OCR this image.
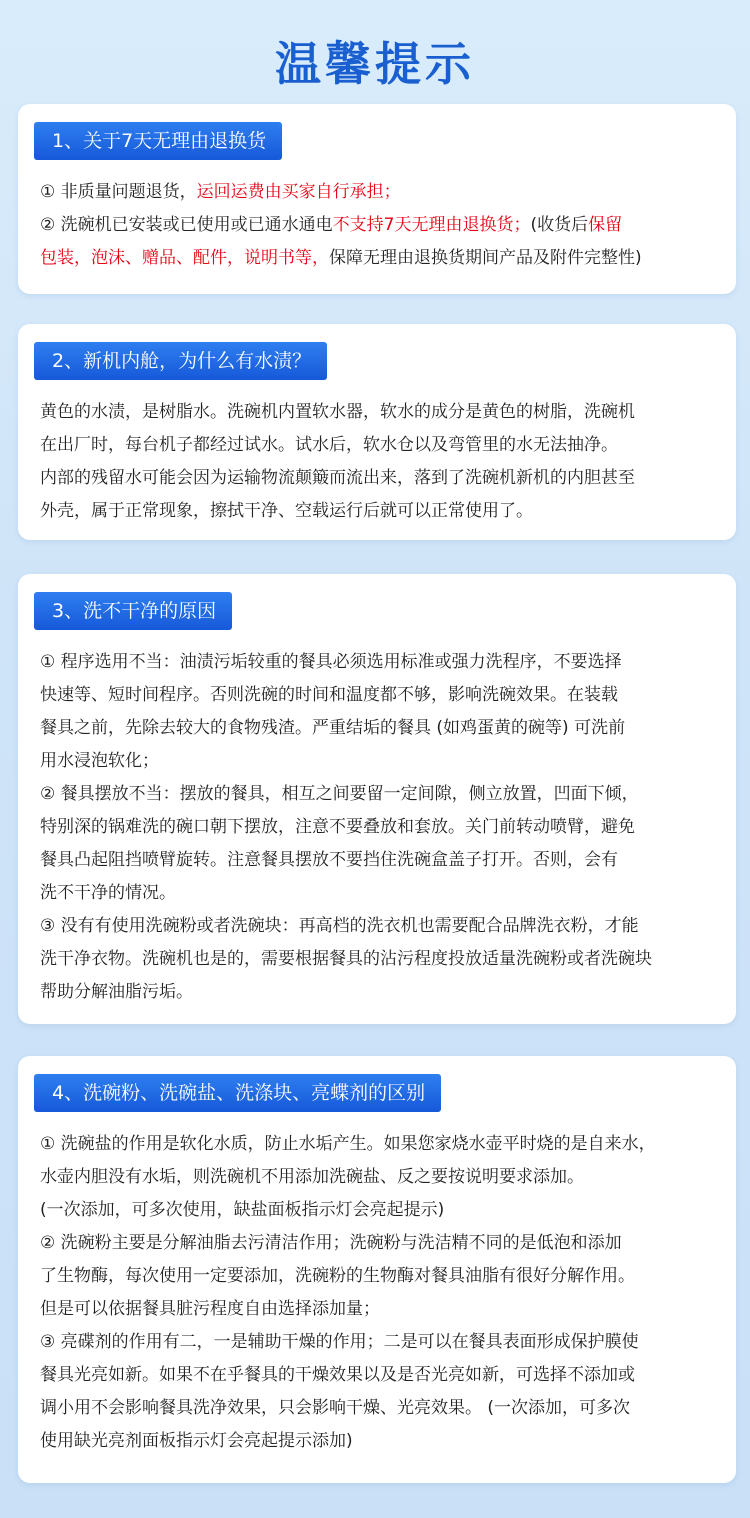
温馨提示
1、关于7天无理由退换货
① 非质量问题退货，运回运费由买家自行承担；
② 洗碗机已安装或已使用或已通水通电不支持7天无理由退换货；(收货后保留
包装，泡沫、赠品、配件，说明书等，保障无理由退换货期间产品及附件完整性)
2、新机内舱，为什么有水渍？
黄色的水渍，是树脂水。洗碗机内置软水器，软水的成分是黄色的树脂，洗碗机
在出厂时，每台机子都经过试水。试水后，软水仓以及弯管里的水无法抽净。
内部的残留水可能会因为运输物流颠簸而流出来，落到了洗碗机新机的内胆甚至
外壳，属于正常现象，擦拭干净、空载运行后就可以正常使用了。
3、洗不干净的原因
① 程序选用不当：油渍污垢较重的餐具必须选用标准或强力洗程序，不要选择
快速等、短时间程序。否则洗碗的时间和温度都不够，影响洗碗效果。在装载
餐具之前，先除去较大的食物残渣。严重结垢的餐具 (如鸡蛋黄的碗等) 可洗前
用水浸泡软化；
② 餐具摆放不当：摆放的餐具，相互之间要留一定间隙，侧立放置，凹面下倾，
特别深的锅难洗的碗口朝下摆放，注意不要叠放和套放。关门前转动喷臂，避免
餐具凸起阻挡喷臂旋转。注意餐具摆放不要挡住洗碗盒盖子打开。否则，会有
洗不干净的情况。
③ 没有有使用洗碗粉或者洗碗块：再高档的洗衣机也需要配合品牌洗衣粉，才能
洗干净衣物。洗碗机也是的，需要根据餐具的沾污程度投放适量洗碗粉或者洗碗块
帮助分解油脂污垢。
4、洗碗粉、洗碗盐、洗涤块、亮蝶剂的区别
① 洗碗盐的作用是软化水质，防止水垢产生。如果您家烧水壶平时烧的是自来水，
水壶内胆没有水垢，则洗碗机不用添加洗碗盐、反之要按说明要求添加。
(一次添加，可多次使用，缺盐面板指示灯会亮起提示)
② 洗碗粉主要是分解油脂去污清洁作用；洗碗粉与洗洁精不同的是低泡和添加
了生物酶，每次使用一定要添加，洗碗粉的生物酶对餐具油脂有很好分解作用。
但是可以依据餐具脏污程度自由选择添加量；
③ 亮碟剂的作用有二，一是辅助干燥的作用；二是可以在餐具表面形成保护膜使
餐具光亮如新。如果不在乎餐具的干燥效果以及是否光亮如新，可选择不添加或
调小用不会影响餐具洗净效果，只会影响干燥、光亮效果。 (一次添加，可多次
使用缺光亮剂面板指示灯会亮起提示添加)
